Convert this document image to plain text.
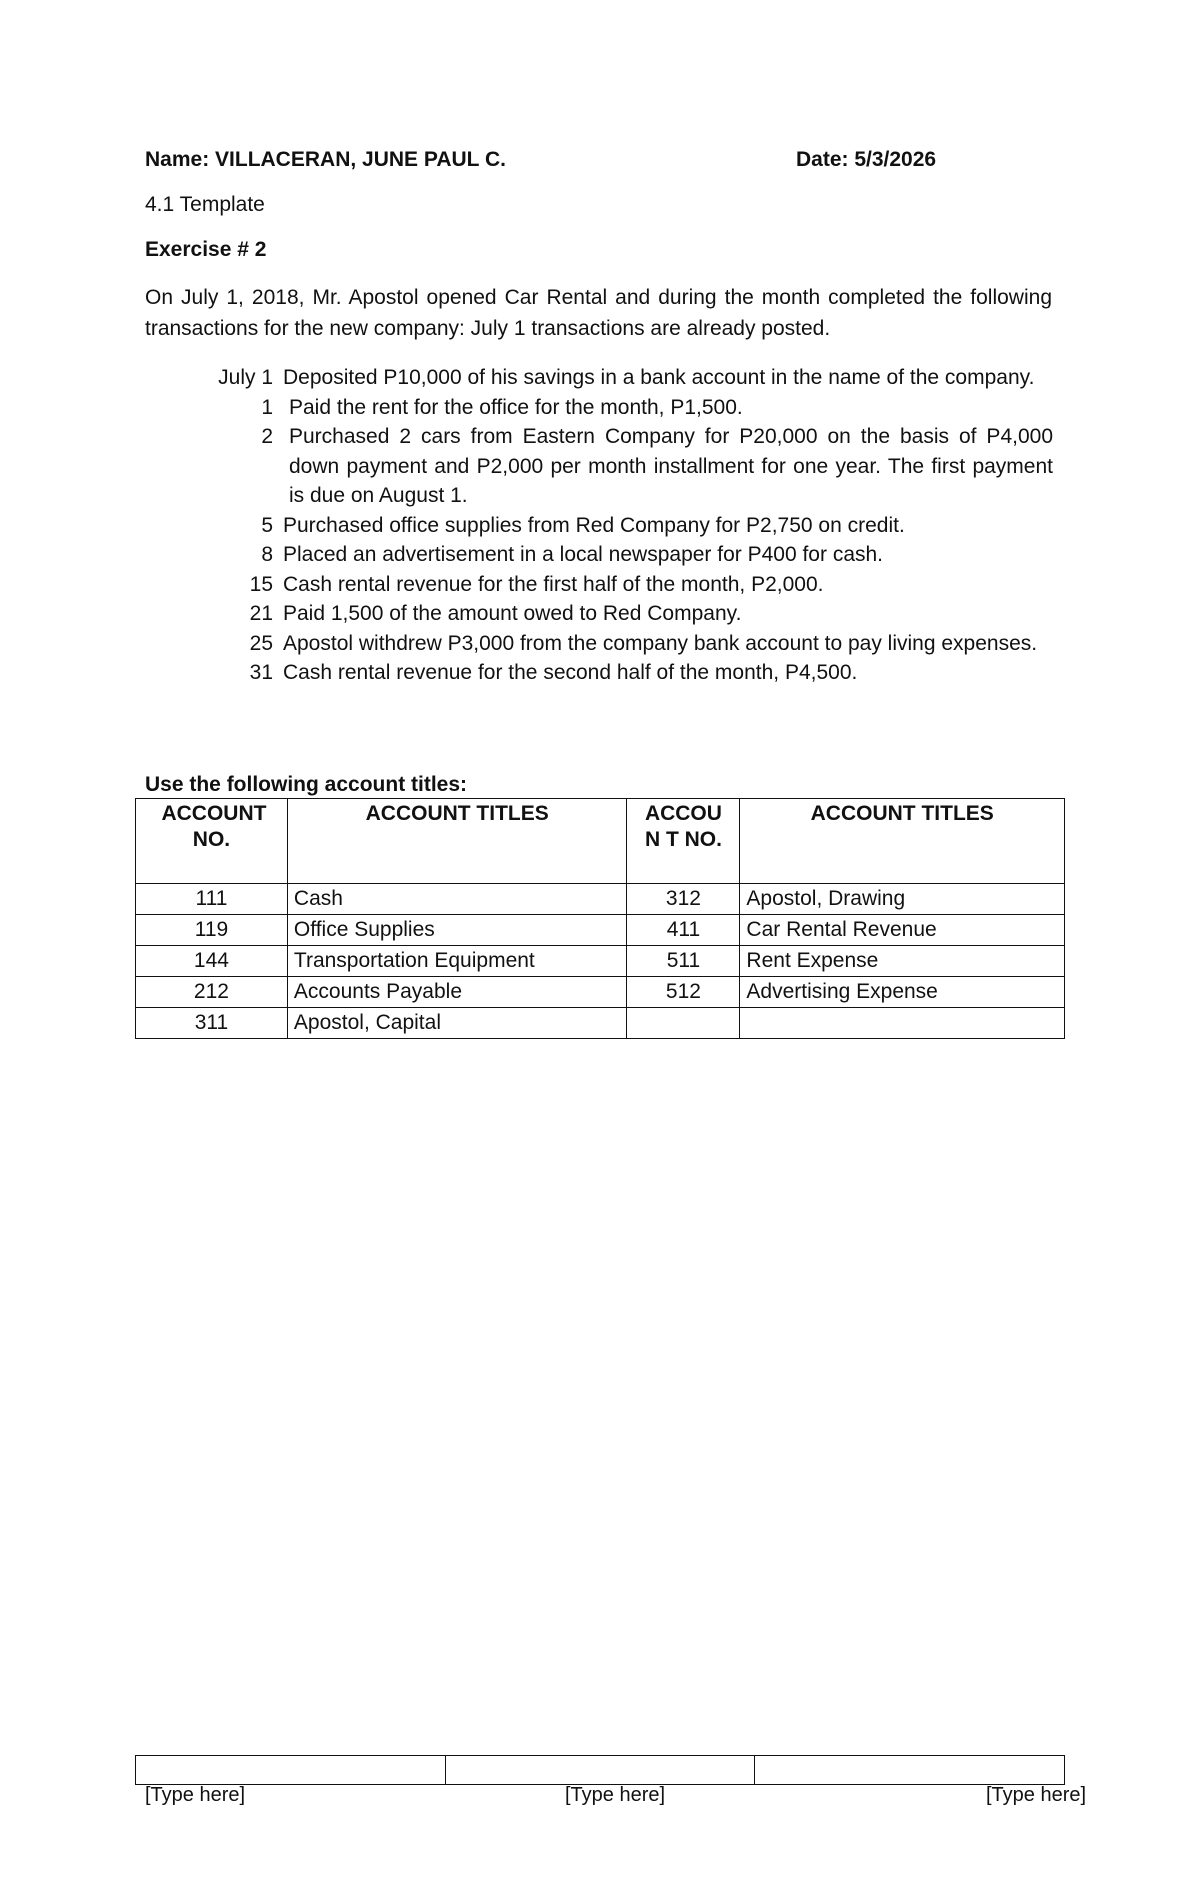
Name: VILLACERAN, JUNE PAUL C.	Date: 5/3/2026
4.1 Template
Exercise # 2
On July 1, 2018, Mr. Apostol opened Car Rental and during the month completed the following transactions for the new company: July 1 transactions are already posted.
July 1 Deposited P10,000 of his savings in a bank account in the name of the company.
1 Paid the rent for the office for the month, P1,500.
2 Purchased 2 cars from Eastern Company for P20,000 on the basis of P4,000 down payment and P2,000 per month installment for one year. The first payment is due on August 1.
5 Purchased office supplies from Red Company for P2,750 on credit.
8 Placed an advertisement in a local newspaper for P400 for cash.
15 Cash rental revenue for the first half of the month, P2,000.
21 Paid 1,500 of the amount owed to Red Company.
25 Apostol withdrew P3,000 from the company bank account to pay living expenses.
31 Cash rental revenue for the second half of the month, P4,500.
Use the following account titles:
ACCOUNT NO.	ACCOUNT TITLES	ACCOUN T NO.	ACCOUNT TITLES
111	Cash	312	Apostol, Drawing
119	Office Supplies	411	Car Rental Revenue
144	Transportation Equipment	511	Rent Expense
212	Accounts Payable	512	Advertising Expense
311	Apostol, Capital		

[Type here]	[Type here]	[Type here]
